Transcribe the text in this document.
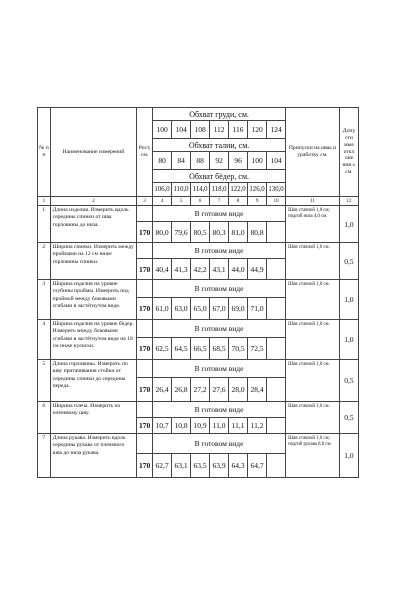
№ п п	Наименование измерений	Рост, см.	Обхват груди, см.							Припуски на швы и уработку см.	Допу сти мые откл оне ния ± см.
			100	104	108	112	116	120	124		
			Обхват талии, см.								
			80	84	88	92	96	100	104		
			Обхват бёдер, см.								
			106,0	110,0	114,0	118,0	122,0	126,0	130,0		
1	2	3	4	5	6	7	8	9	10	11	12
1	Длина изделия. Измерить вдоль середины спинки от шва горловины до низа.		В готовом виде							Шов стачной 1,0 см; подгиб низа 4,0 см.	1,0
		170	80,0	79,6	80,5	80,3	81,0	80,8			
2	Ширина спинки. Измерить между проймами на 12 см ниже горловины спинки.		В готовом виде							Шов стачной 1,0 см.	0,5
		170	40,4	41,3	42,2	43,1	44,0	44,9			
3	Ширина изделия на уровне глубины проймы. Измерить под проймой между боковыми сгибами в застёгнутом виде.		В готовом виде							Шов стачной 1,0 см.	1,0
		170	61,0	63,0	65,0	67,0	69,0	71,0			
4	Ширина изделия на уровне бёдер. Измерить между боковыми сгибами в застёгнутом виде на 18 см ниже кулиски.		В готовом виде							Шов стачной 1,0 см.	1,0
		170	62,5	64,5	66,5	68,5	70,5	72,5			
5	Длина горловины. Измерить по шву притачивания стойки от середины спинки до середины переда.		В готовом виде							Шов стачной 1,0 см.	0,5
		170	26,4	26,8	27,2	27,6	28,0	28,4			
6	Ширина плеча. Измерить по плечевому шву.		В готовом виде							Шов стачной 1,0 см.	0,5
		170	10,7	10,8	10,9	11,0	11,1	11,2			
7	Длина рукава. Измерить вдоль середины рукава от плечевого шва до низа рукава.		В готовом виде							Шов стачной 1,0 см; подгиб рукава 8,0 см.	1,0
		170	62,7	63,1	63,5	63,9	64,3	64,7			
